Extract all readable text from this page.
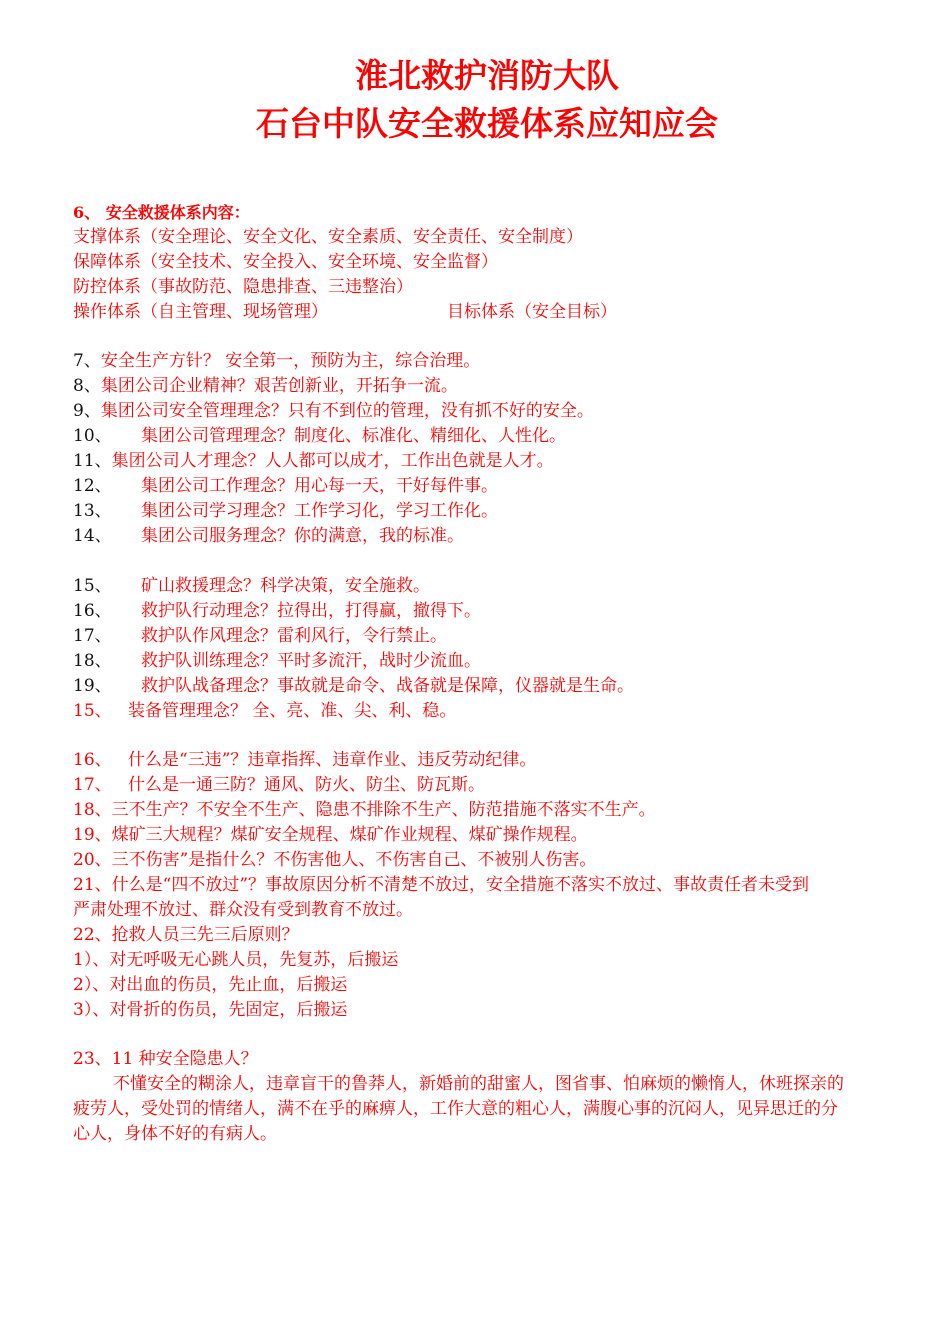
淮北救护消防大队
石台中队安全救援体系应知应会
6、 安全救援体系内容：
支撑体系（安全理论、安全文化、安全素质、安全责任、安全制度）
保障体系（安全技术、安全投入、安全环境、安全监督）
防控体系（事故防范、隐患排查、三违整治）
操作体系（自主管理、现场管理）	目标体系（安全目标）
7、安全生产方针？ 安全第一，预防为主，综合治理。
8、集团公司企业精神？艰苦创新业，开拓争一流。
9、集团公司安全管理理念？只有不到位的管理，没有抓不好的安全。
10、 集团公司管理理念？制度化、标准化、精细化、人性化。
11、集团公司人才理念？人人都可以成才，工作出色就是人才。
12、 集团公司工作理念？用心每一天，干好每件事。
13、 集团公司学习理念？工作学习化，学习工作化。
14、 集团公司服务理念？你的满意，我的标准。
15、 矿山救援理念？科学决策，安全施救。
16、 救护队行动理念？拉得出，打得赢，撤得下。
17、 救护队作风理念？雷利风行，令行禁止。
18、 救护队训练理念？平时多流汗，战时少流血。
19、 救护队战备理念？事故就是命令、战备就是保障，仪器就是生命。
15、 装备管理理念？ 全、亮、准、尖、利、稳。
16、 什么是“三违”？违章指挥、违章作业、违反劳动纪律。
17、 什么是一通三防？通风、防火、防尘、防瓦斯。
18、三不生产？不安全不生产、隐患不排除不生产、防范措施不落实不生产。
19、煤矿三大规程？煤矿安全规程、煤矿作业规程、煤矿操作规程。
20、三不伤害”是指什么？不伤害他人、不伤害自己、不被别人伤害。
21、什么是“四不放过”？事故原因分析不清楚不放过，安全措施不落实不放过、事故责任者未受到
严肃处理不放过、群众没有受到教育不放过。
22、抢救人员三先三后原则？
1）、对无呼吸无心跳人员，先复苏，后搬运
2）、对出血的伤员，先止血，后搬运
3）、对骨折的伤员，先固定，后搬运
23、11 种安全隐患人？
不懂安全的糊涂人，违章盲干的鲁莽人，新婚前的甜蜜人，图省事、怕麻烦的懒惰人，休班探亲的
疲劳人，受处罚的情绪人，满不在乎的麻痹人，工作大意的粗心人，满腹心事的沉闷人，见异思迁的分
心人，身体不好的有病人。
